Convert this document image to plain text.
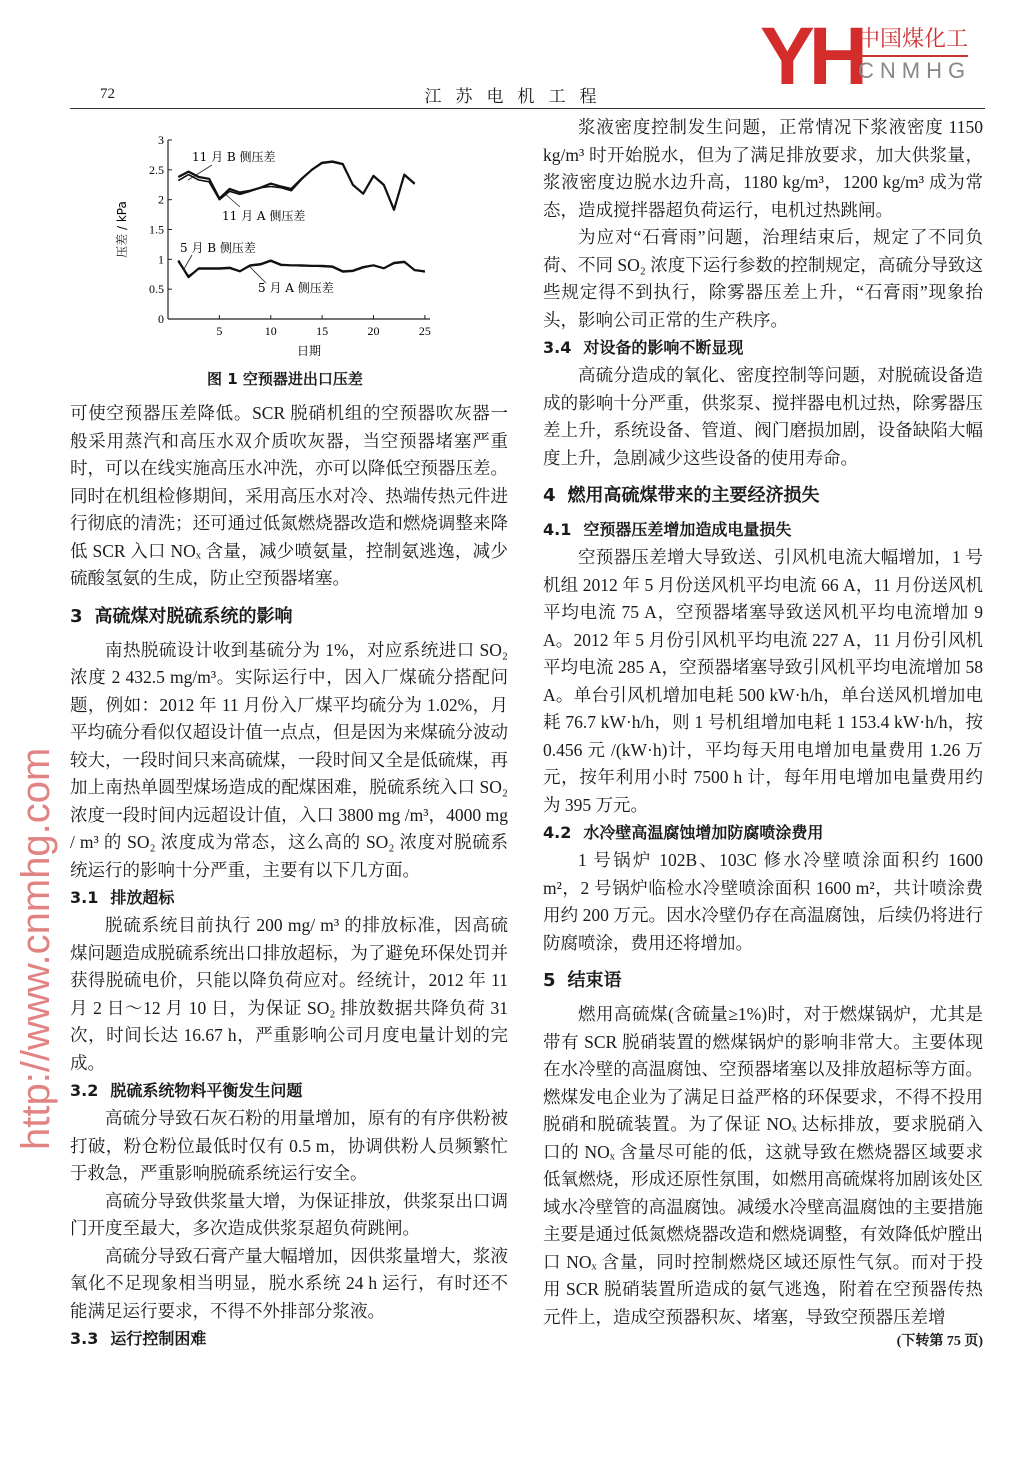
72	江苏电机工程
0
0.5
1
1.5
2
2.5
3
5	10	15	20	25
日期
压差 / kPa
11 月 B 侧压差
11 月 A 侧压差
5 月 B 侧压差
5 月 A 侧压差
图 1 空预器进出口压差

可使空预器压差降低。SCR 脱硝机组的空预器吹灰器一般采用蒸汽和高压水双介质吹灰器，当空预器堵塞严重时，可以在线实施高压水冲洗，亦可以降低空预器压差。同时在机组检修期间，采用高压水对冷、热端传热元件进行彻底的清洗；还可通过低氮燃烧器改造和燃烧调整来降低 SCR 入口 NOₓ 含量，减少喷氨量，控制氨逃逸，减少硫酸氢氨的生成，防止空预器堵塞。

3 高硫煤对脱硫系统的影响

南热脱硫设计收到基硫分为 1%，对应系统进口 SO₂ 浓度 2 432.5 mg/m³。实际运行中，因入厂煤硫分搭配问题，例如：2012 年 11 月份入厂煤平均硫分为 1.02%，月平均硫分看似仅超设计值一点点，但是因为来煤硫分波动较大，一段时间只来高硫煤，一段时间又全是低硫煤，再加上南热单圆型煤场造成的配煤困难，脱硫系统入口 SO₂ 浓度一段时间内远超设计值，入口 3800 mg /m³，4000 mg / m³ 的 SO₂ 浓度成为常态，这么高的 SO₂ 浓度对脱硫系统运行的影响十分严重，主要有以下几方面。

3.1 排放超标

脱硫系统目前执行 200 mg/ m³ 的排放标准，因高硫煤问题造成脱硫系统出口排放超标，为了避免环保处罚并获得脱硫电价，只能以降负荷应对。经统计，2012 年 11 月 2 日～12 月 10 日，为保证 SO₂ 排放数据共降负荷 31 次，时间长达 16.67 h，严重影响公司月度电量计划的完成。

3.2 脱硫系统物料平衡发生问题

高硫分导致石灰石粉的用量增加，原有的有序供粉被打破，粉仓粉位最低时仅有 0.5 m，协调供粉人员频繁忙于救急，严重影响脱硫系统运行安全。

高硫分导致供浆量大增，为保证排放，供浆泵出口调门开度至最大，多次造成供浆泵超负荷跳闸。

高硫分导致石膏产量大幅增加，因供浆量增大，浆液氧化不足现象相当明显，脱水系统 24 h 运行，有时还不能满足运行要求，不得不外排部分浆液。

3.3 运行控制困难

浆液密度控制发生问题，正常情况下浆液密度 1150 kg/m³ 时开始脱水，但为了满足排放要求，加大供浆量，浆液密度边脱水边升高，1180 kg/m³，1200 kg/m³ 成为常态，造成搅拌器超负荷运行，电机过热跳闸。

为应对“石膏雨”问题，治理结束后，规定了不同负荷、不同 SO₂ 浓度下运行参数的控制规定，高硫分导致这些规定得不到执行，除雾器压差上升，“石膏雨”现象抬头，影响公司正常的生产秩序。

3.4 对设备的影响不断显现

高硫分造成的氧化、密度控制等问题，对脱硫设备造成的影响十分严重，供浆泵、搅拌器电机过热，除雾器压差上升，系统设备、管道、阀门磨损加剧，设备缺陷大幅度上升，急剧减少这些设备的使用寿命。

4 燃用高硫煤带来的主要经济损失
4.1 空预器压差增加造成电量损失

空预器压差增大导致送、引风机电流大幅增加，1 号机组 2012 年 5 月份送风机平均电流 66 A，11 月份送风机平均电流 75 A，空预器堵塞导致送风机平均电流增加 9 A。2012 年 5 月份引风机平均电流 227 A，11 月份引风机平均电流 285 A，空预器堵塞导致引风机平均电流增加 58 A。单台引风机增加电耗 500 kW·h/h，单台送风机增加电耗 76.7 kW·h/h，则 1 号机组增加电耗 1 153.4 kW·h/h，按 0.456 元 /(kW·h)计，平均每天用电增加电量费用 1.26 万元，按年利用小时 7500 h 计，每年用电增加电量费用约为 395 万元。

4.2 水冷壁高温腐蚀增加防腐喷涂费用

1 号锅炉 102B、103C 修水冷壁喷涂面积约 1600 m²，2 号锅炉临检水冷壁喷涂面积 1600 m²，共计喷涂费用约 200 万元。因水冷壁仍存在高温腐蚀，后续仍将进行防腐喷涂，费用还将增加。

5 结束语

燃用高硫煤(含硫量≥1%)时，对于燃煤锅炉，尤其是带有 SCR 脱硝装置的燃煤锅炉的影响非常大。主要体现在水冷壁的高温腐蚀、空预器堵塞以及排放超标等方面。燃煤发电企业为了满足日益严格的环保要求，不得不投用脱硝和脱硫装置。为了保证 NOₓ 达标排放，要求脱硝入口的 NOₓ 含量尽可能的低，这就导致在燃烧器区域要求低氧燃烧，形成还原性氛围，如燃用高硫煤将加剧该处区域水冷壁管的高温腐蚀。减缓水冷壁高温腐蚀的主要措施主要是通过低氮燃烧器改造和燃烧调整，有效降低炉膛出口 NOₓ 含量，同时控制燃烧区域还原性气氛。而对于投用 SCR 脱硝装置所造成的氨气逃逸，附着在空预器传热元件上，造成空预器积灰、堵塞，导致空预器压差增

(下转第 75 页)
http://www.cnmhg.com
YH
中国煤化工
CNMHG
